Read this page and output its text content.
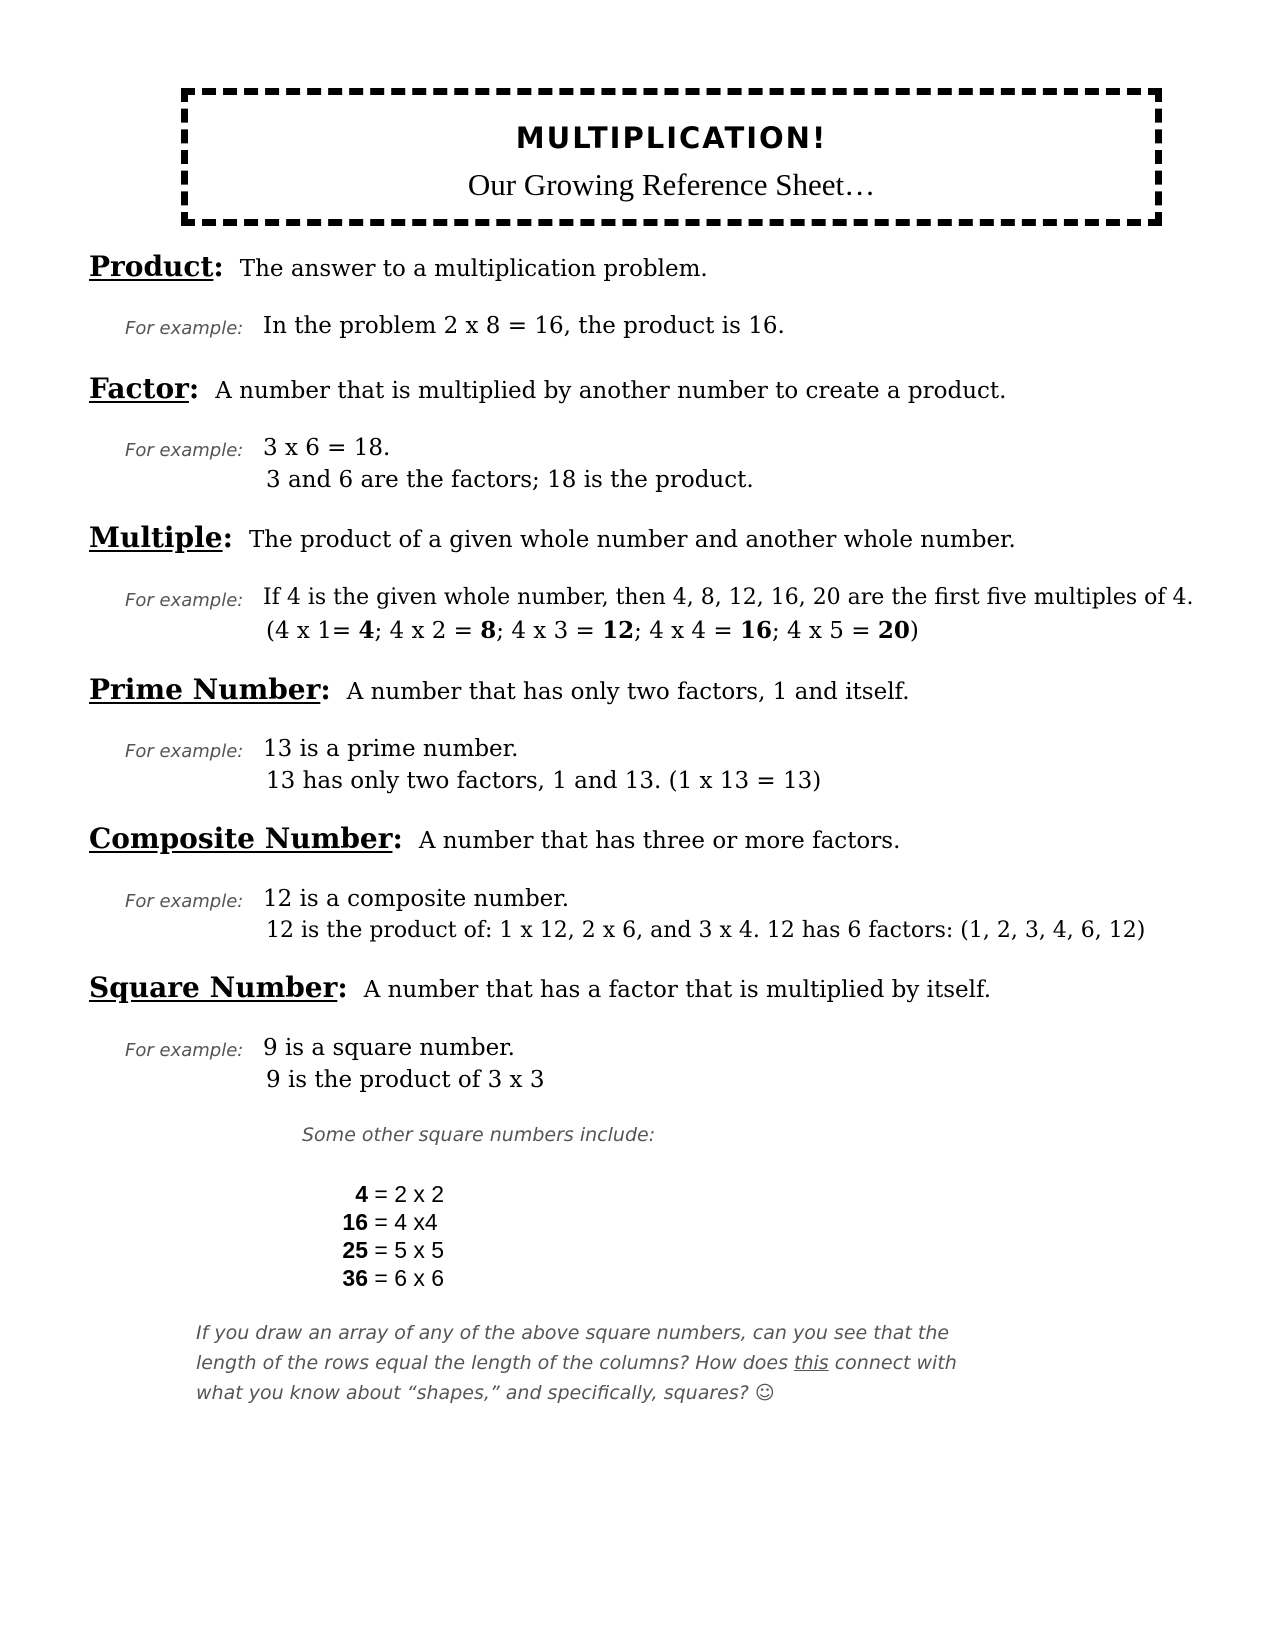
MULTIPLICATION!
Our Growing Reference Sheet…
Product: The answer to a multiplication problem.
For example: In the problem 2 x 8 = 16, the product is 16.
Factor: A number that is multiplied by another number to create a product.
For example: 3 x 6 = 18.
3 and 6 are the factors; 18 is the product.
Multiple: The product of a given whole number and another whole number.
For example: If 4 is the given whole number, then 4, 8, 12, 16, 20 are the first five multiples of 4.
(4 x 1= 4; 4 x 2 = 8; 4 x 3 = 12; 4 x 4 = 16; 4 x 5 = 20)
Prime Number: A number that has only two factors, 1 and itself.
For example: 13 is a prime number.
13 has only two factors, 1 and 13. (1 x 13 = 13)
Composite Number: A number that has three or more factors.
For example: 12 is a composite number.
12 is the product of: 1 x 12, 2 x 6, and 3 x 4. 12 has 6 factors: (1, 2, 3, 4, 6, 12)
Square Number: A number that has a factor that is multiplied by itself.
For example: 9 is a square number.
9 is the product of 3 x 3
Some other square numbers include:
4 = 2 x 2
16 = 4 x4
25 = 5 x 5
36 = 6 x 6
If you draw an array of any of the above square numbers, can you see that the
length of the rows equal the length of the columns? How does this connect with
what you know about “shapes,” and specifically, squares? ☺
